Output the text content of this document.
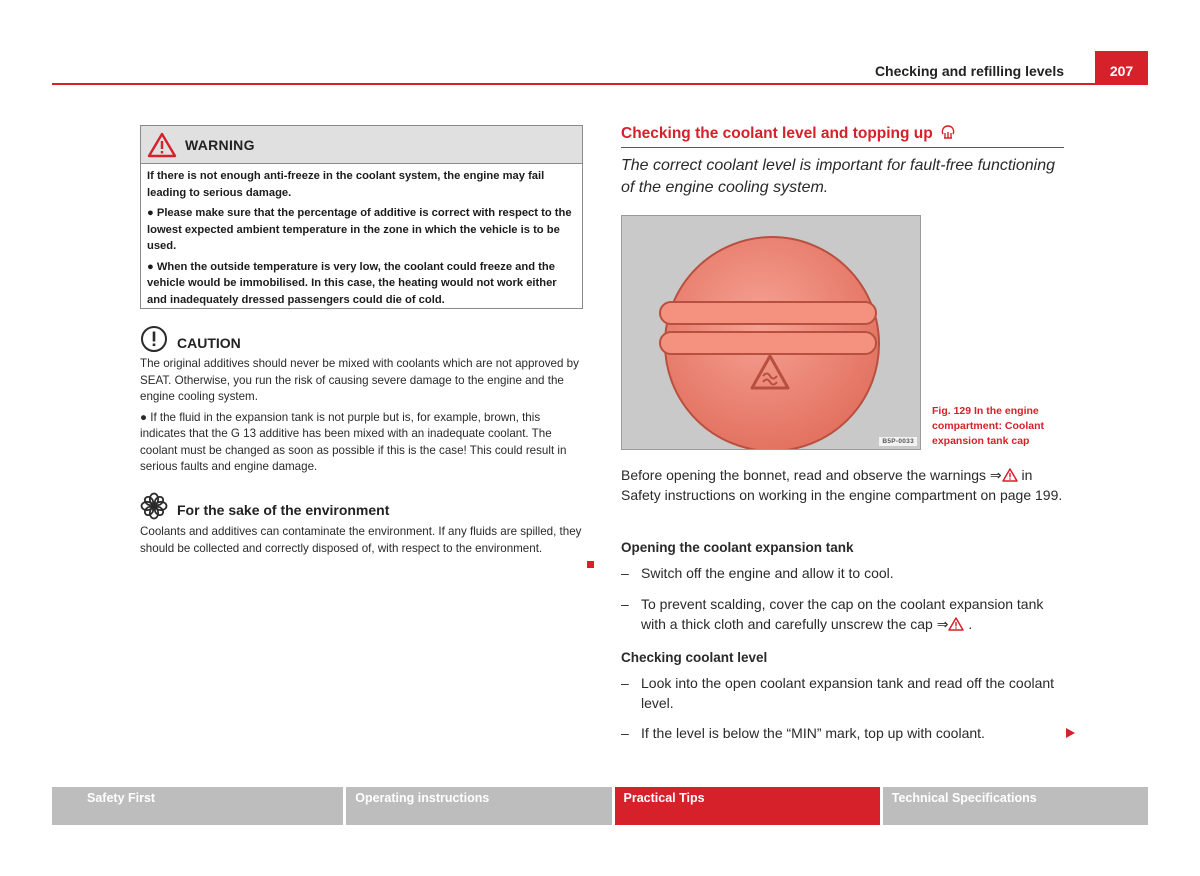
Checking and refilling levels	207
WARNING

If there is not enough anti-freeze in the coolant system, the engine may fail leading to serious damage.

● Please make sure that the percentage of additive is correct with respect to the lowest expected ambient temperature in the zone in which the vehicle is to be used.

● When the outside temperature is very low, the coolant could freeze and the vehicle would be immobilised. In this case, the heating would not work either and inadequately dressed passengers could die of cold.

CAUTION

The original additives should never be mixed with coolants which are not approved by SEAT. Otherwise, you run the risk of causing severe damage to the engine and the engine cooling system.

● If the fluid in the expansion tank is not purple but is, for example, brown, this indicates that the G 13 additive has been mixed with an inadequate coolant. The coolant must be changed as soon as possible if this is the case! This could result in serious faults and engine damage.

For the sake of the environment
Coolants and additives can contaminate the environment. If any fluids are spilled, they should be collected and correctly disposed of, with respect to the environment.
Checking the coolant level and topping up
The correct coolant level is important for fault-free functioning of the engine cooling system.
B5P-0033
Fig. 129 In the engine compartment: Coolant expansion tank cap
Before opening the bonnet, read and observe the warnings ⇒ in Safety instructions on working in the engine compartment on page 199.
Opening the coolant expansion tank
– Switch off the engine and allow it to cool.
– To prevent scalding, cover the cap on the coolant expansion tank with a thick cloth and carefully unscrew the cap ⇒ .
Checking coolant level
– Look into the open coolant expansion tank and read off the coolant level.
– If the level is below the “MIN” mark, top up with coolant.
Safety First	Operating instructions	Practical Tips	Technical Specifications
